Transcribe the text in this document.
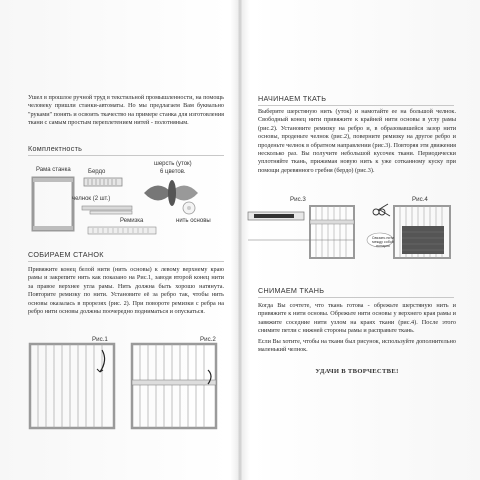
Ушел в прошлое ручной труд в текстильной промышленности, на помощь человеку пришли станки-автоматы. Но мы предлагаем Вам буквально "руками" понять и освоить ткачество на примере станка для изготовления ткани с самым простым переплетением нитей - полотняным.

Комплектность
Рама станка	Бердо
шерсть (уток)
6 цветов.
челнок (2 шт.)
нить основы
Ремизка
СОБИРАЕМ СТАНОК

Привяжите конец белой нити (нить основы) к левому верхнему краю рамы и закрепите нить как показано на Рис.1, заводя второй конец нити за правое верхнее угла рамы. Нить должна быть хорошо натянута. Повторите ремизку по нити. Установите её за ребро так, чтобы нить основы оказалась в прорезях (рис. 2). При повороте ремизки с ребра на ребро нити основы должны поочередно подниматься и опускаться.

Рис.1	Рис.2
НАЧИНАЕМ ТКАТЬ

Выберите шерстяную нить (уток) и намотайте ее на большой челнок. Свободный конец нити привяжите к крайней нити основы в углу рамы (рис.2). Установите ремизку на ребро и, в образовавшейся зазор нити основы, проденьте челнок (рис.2), поверните ремизку на другое ребро и проденьте челнок в обратном направлении (рис.3). Повторяя эти движения несколько раз. Вы получите небольшой кусочек ткани. Периодически уплотняйте ткань, прижимая новую нить к уже сотканному куску при помощи деревянного гребня (бердо) (рис.3).

Рис.3	Рис.4
Связать нити между собой попарно
СНИМАЕМ ТКАНЬ

Когда Вы сочтете, что ткань готова - обрежьте шерстяную нить и привяжите к нити основы. Обрежьте нити основы у верхнего края рамы и завяжите соседние нити узлом на краях ткани (рис.4). После этого снимите петли с нижней стороны рамы и расправьте ткань.

Если Вы хотите, чтобы на ткани был рисунок, используйте дополнительно маленький челнок.

УДАЧИ В ТВОРЧЕСТВЕ!
